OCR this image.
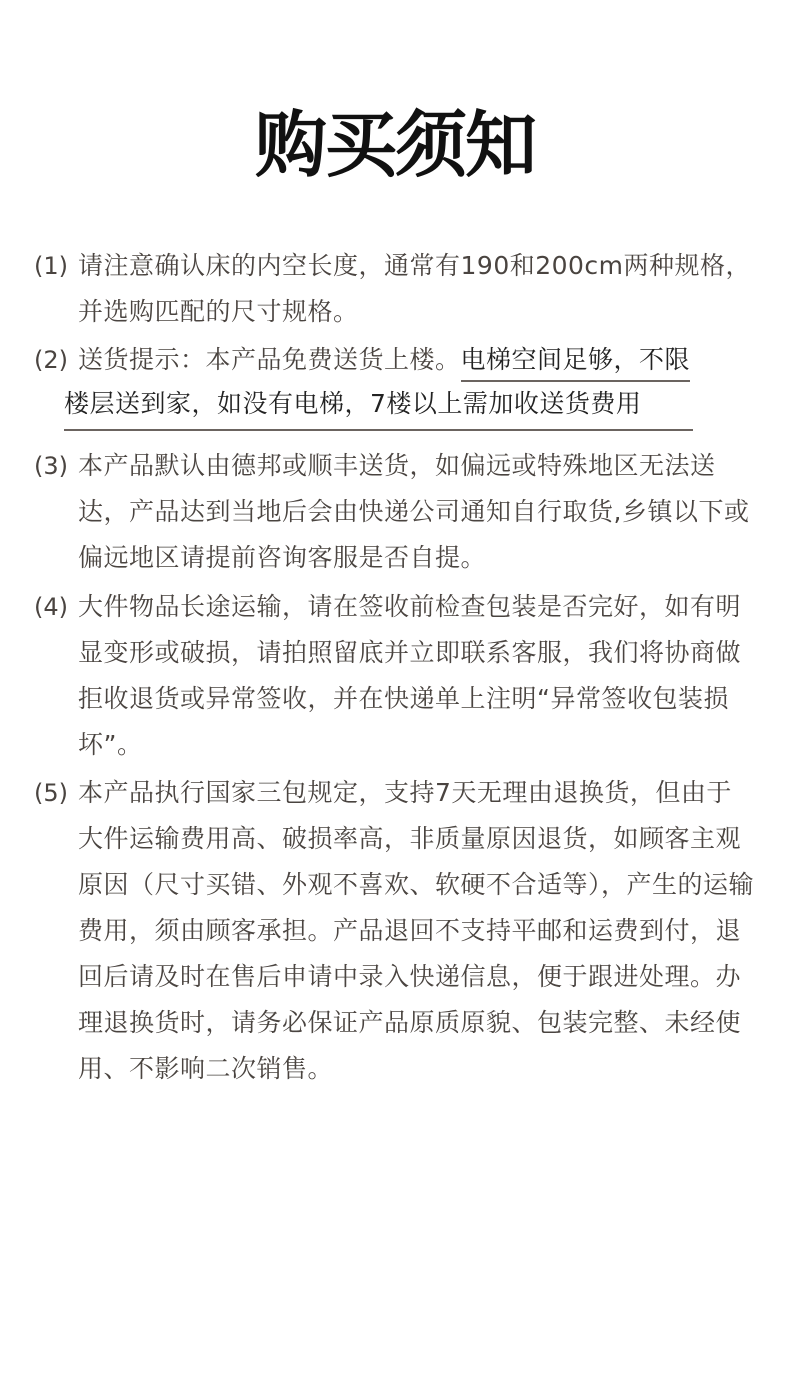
购买须知
(1) 请注意确认床的内空长度，通常有190和200cm两种规格，并选购匹配的尺寸规格。
(2) 送货提示：本产品免费送货上楼。电梯空间足够，不限
楼层送到家，如没有电梯，7楼以上需加收送货费用
(3) 本产品默认由德邦或顺丰送货，如偏远或特殊地区无法送达，产品达到当地后会由快递公司通知自行取货,乡镇以下或偏远地区请提前咨询客服是否自提。
(4) 大件物品长途运输，请在签收前检查包装是否完好，如有明显变形或破损，请拍照留底并立即联系客服，我们将协商做拒收退货或异常签收，并在快递单上注明“异常签收包装损坏”。
(5) 本产品执行国家三包规定，支持7天无理由退换货，但由于大件运输费用高、破损率高，非质量原因退货，如顾客主观原因（尺寸买错、外观不喜欢、软硬不合适等），产生的运输费用，须由顾客承担。产品退回不支持平邮和运费到付，退回后请及时在售后申请中录入快递信息，便于跟进处理。办理退换货时，请务必保证产品原质原貌、包装完整、未经使用、不影响二次销售。
